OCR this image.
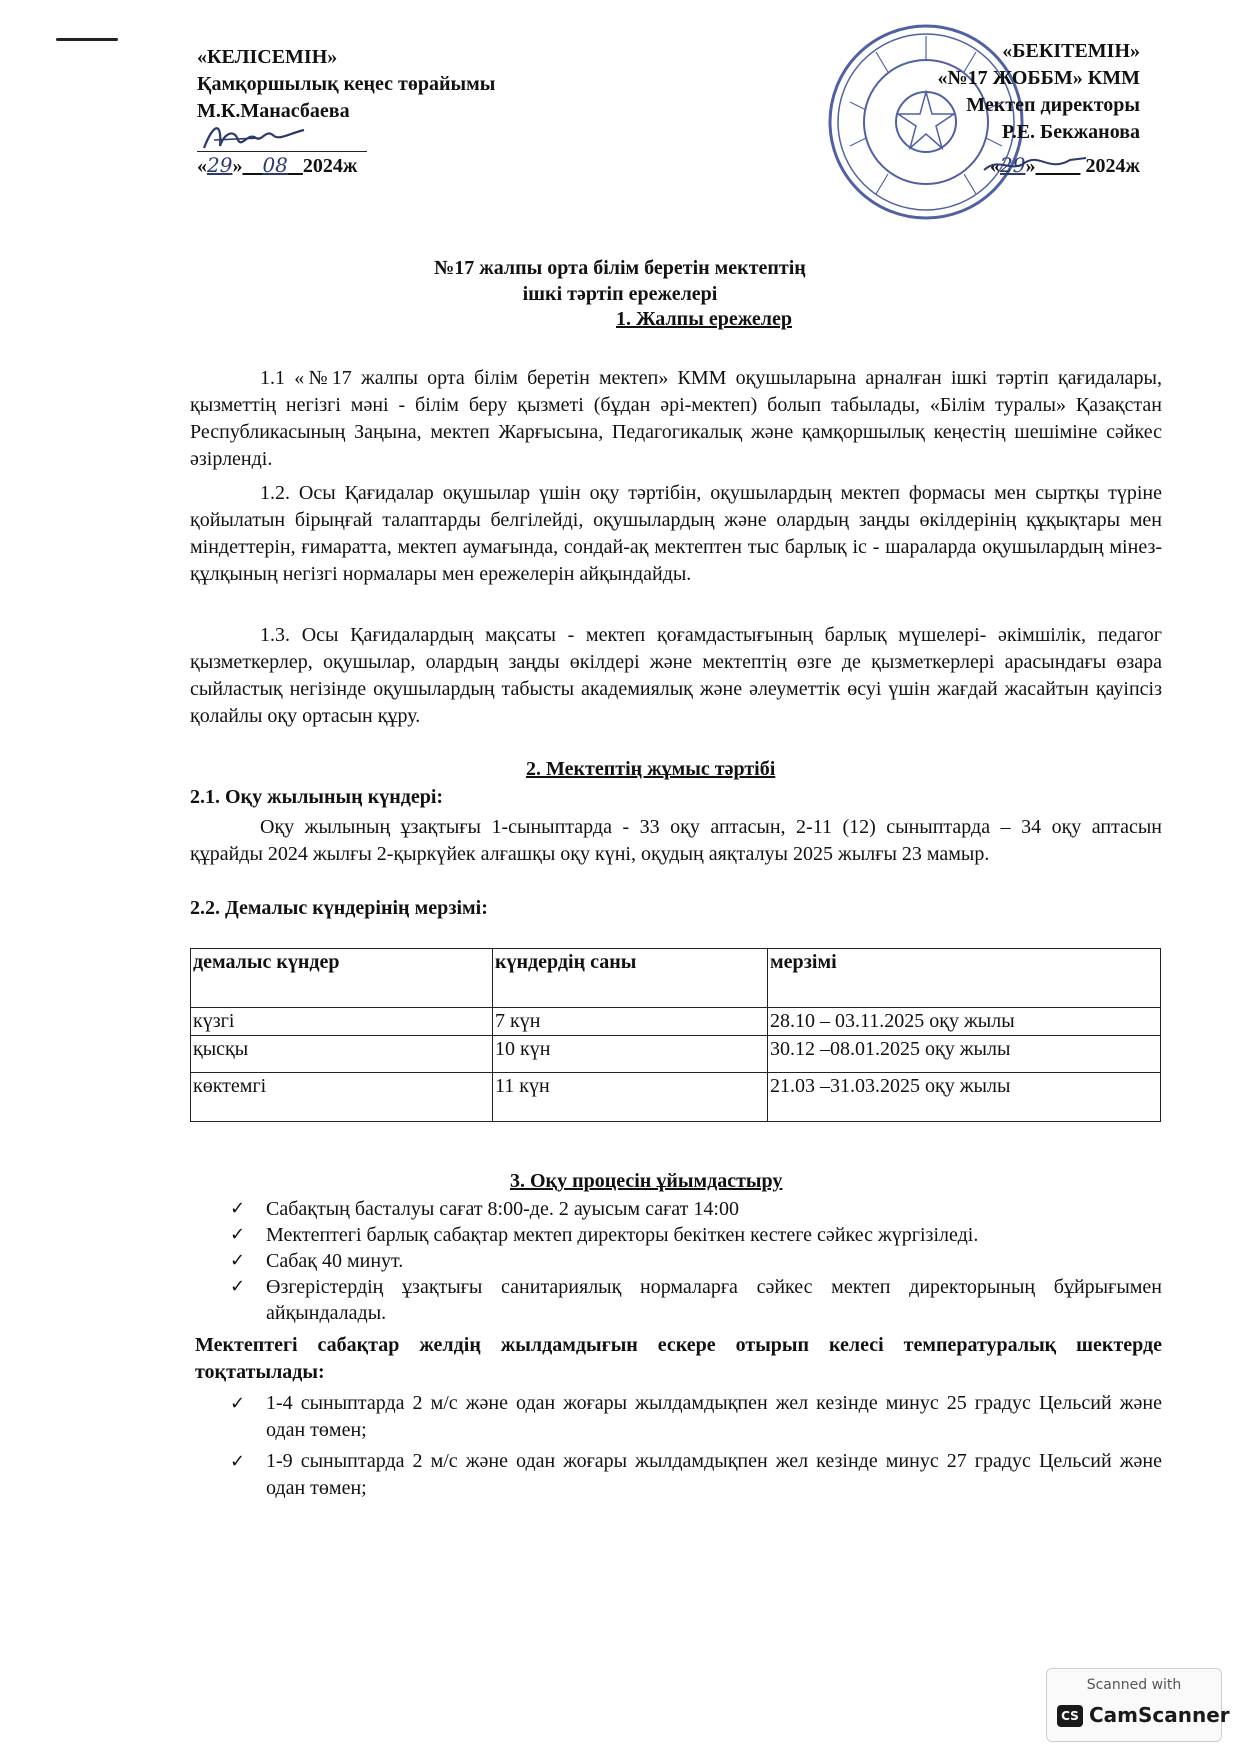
«КЕЛІСЕМІН»
Қамқоршылық кеңес төрайымы
М.К.Манасбаева
«29» 08 2024ж
«БЕКІТЕМІН»
«№17 ЖОББМ» КММ
Мектеп директоры
Р.Е. Бекжанова
«29»	2024ж
№17 жалпы орта білім беретін мектептің
ішкі тәртіп ережелері
1. Жалпы ережелер

1.1 «№17 жалпы орта білім беретін мектеп» КММ оқушыларына арналған ішкі тәртіп қағидалары, қызметтің негізгі мәні - білім беру қызметі (бұдан әрі-мектеп) болып табылады, «Білім туралы» Қазақстан Республикасының Заңына, мектеп Жарғысына, Педагогикалық және қамқоршылық кеңестің шешіміне сәйкес әзірленді.

1.2. Осы Қағидалар оқушылар үшін оқу тәртібін, оқушылардың мектеп формасы мен сыртқы түріне қойылатын бірыңғай талаптарды белгілейді, оқушылардың және олардың заңды өкілдерінің құқықтары мен міндеттерін, ғимаратта, мектеп аумағында, сондай-ақ мектептен тыс барлық іс - шараларда оқушылардың мінез-құлқының негізгі нормалары мен ережелерін айқындайды.

1.3. Осы Қағидалардың мақсаты - мектеп қоғамдастығының барлық мүшелері- әкімшілік, педагог қызметкерлер, оқушылар, олардың заңды өкілдері және мектептің өзге де қызметкерлері арасындағы өзара сыйластық негізінде оқушылардың табысты академиялық және әлеуметтік өсуі үшін жағдай жасайтын қауіпсіз қолайлы оқу ортасын құру.

2. Мектептің жұмыс тәртібі
2.1. Оқу жылының күндері:

Оқу жылының ұзақтығы 1-сыныптарда - 33 оқу аптасын, 2-11 (12) сыныптарда – 34 оқу аптасын құрайды 2024 жылғы 2-қыркүйек алғашқы оқу күні, оқудың аяқталуы 2025 жылғы 23 мамыр.

2.2. Демалыс күндерінің мерзімі:
демалыс күндер	күндердің саны	мерзімі
күзгі	7 күн	28.10 – 03.11.2025 оқу жылы
қысқы	10 күн	30.12 –08.01.2025 оқу жылы
көктемгі	11 күн	21.03 –31.03.2025 оқу жылы
3. Оқу процесін ұйымдастыру
✓ Сабақтың басталуы сағат 8:00-де. 2 ауысым сағат 14:00
✓ Мектептегі барлық сабақтар мектеп директоры бекіткен кестеге сәйкес жүргізіледі.
✓ Сабақ 40 минут.
✓ Өзгерістердің ұзақтығы санитариялық нормаларға сәйкес мектеп директорының бұйрығымен айқындалады.
Мектептегі сабақтар желдің жылдамдығын ескере отырып келесі температуралық шектерде тоқтатылады:
✓ 1-4 сыныптарда 2 м/с және одан жоғары жылдамдықпен жел кезінде минус 25 градус Цельсий және одан төмен;
✓ 1-9 сыныптарда 2 м/с және одан жоғары жылдамдықпен жел кезінде минус 27 градус Цельсий және одан төмен;
Scanned with
CS CamScanner
